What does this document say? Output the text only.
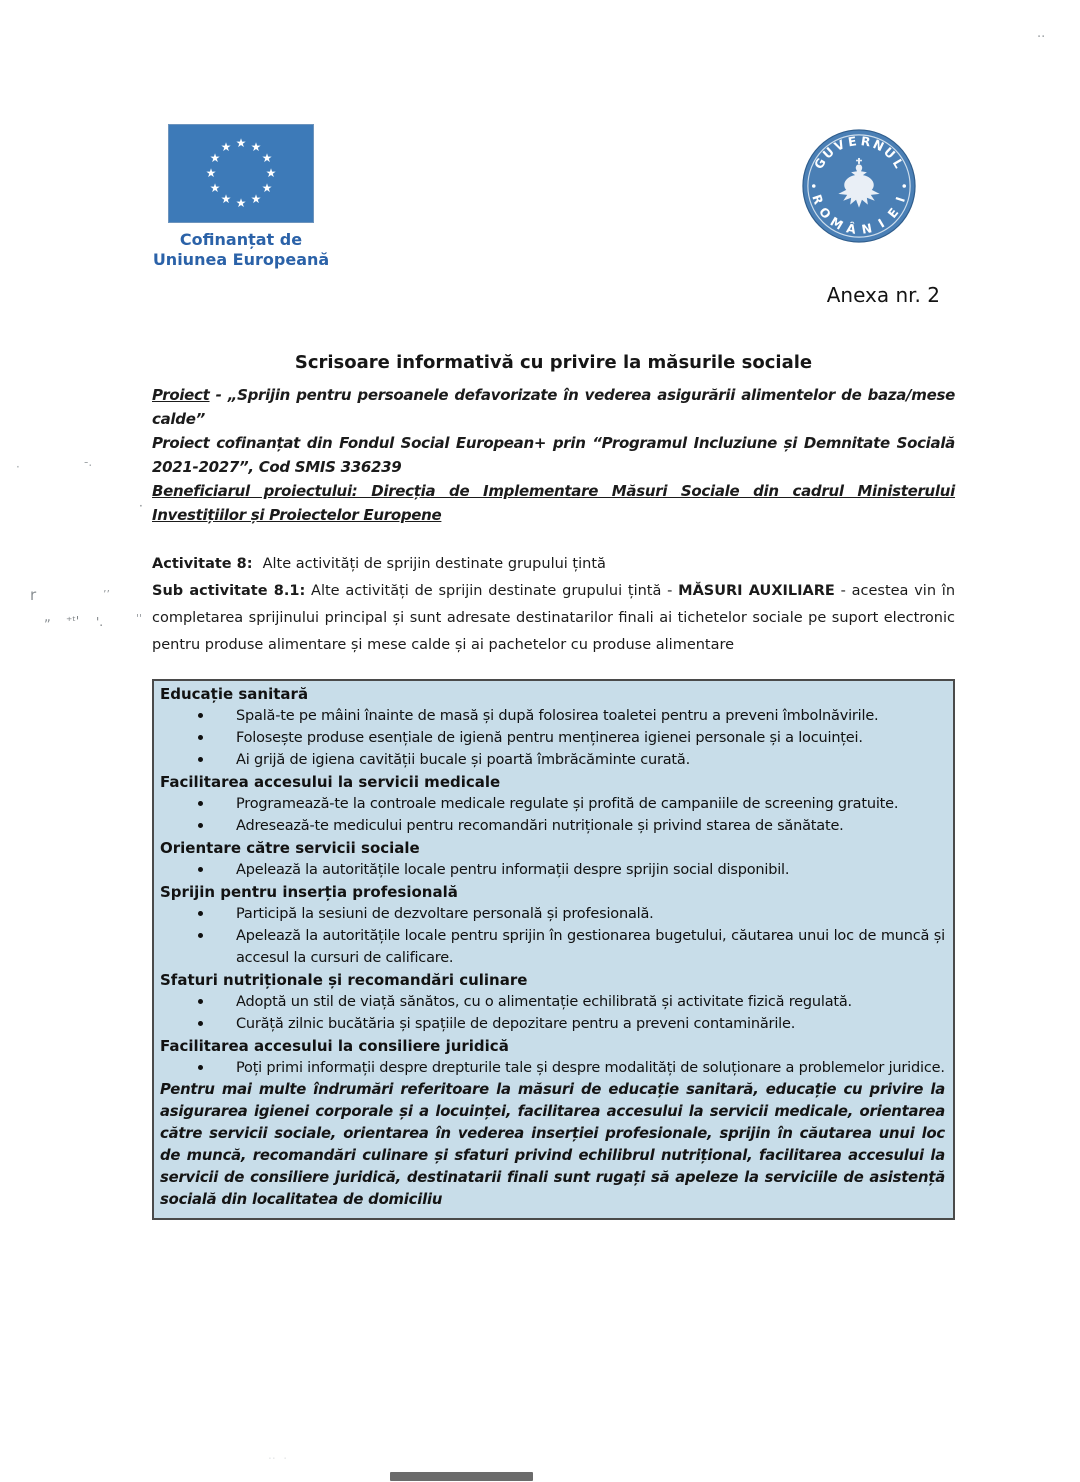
★ ★
★
★
★
★
★
★
★
★
★
★
Cofinanțat de
Uniunea Europeană
G
U
V E R N
U
L
R
O
M Â N I
E
I
Anexa nr. 2
Scrisoare informativă cu privire la măsurile sociale

Proiect - „Sprijin pentru persoanele defavorizate în vederea asigurării alimentelor de baza/mese calde”

Proiect cofinanțat din Fondul Social European+ prin “Programul Incluziune și Demnitate Socială 2021-2027”, Cod SMIS 336239

Beneficiarul proiectului: Direcția de Implementare Măsuri Sociale din cadrul Ministerului Investițiilor și Proiectelor Europene

Activitate 8: Alte activități de sprijin destinate grupului țintă

Sub activitate 8.1: Alte activități de sprijin destinate grupului țintă - MĂSURI AUXILIARE - acestea vin în completarea sprijinului principal și sunt adresate destinatarilor finali ai tichetelor sociale pe suport electronic pentru produse alimentare și mese calde și ai pachetelor cu produse alimentare

Educație sanitară
Spală-te pe mâini înainte de masă și după folosirea toaletei pentru a preveni îmbolnăvirile.
Folosește produse esențiale de igienă pentru menținerea igienei personale și a locuinței.
Ai grijă de igiena cavității bucale și poartă îmbrăcăminte curată.
Facilitarea accesului la servicii medicale
Programează-te la controale medicale regulate și profită de campaniile de screening gratuite.
Adresează-te medicului pentru recomandări nutriționale și privind starea de sănătate.
Orientare către servicii sociale
Apelează la autoritățile locale pentru informații despre sprijin social disponibil.
Sprijin pentru inserția profesională
Participă la sesiuni de dezvoltare personală și profesională.
Apelează la autoritățile locale pentru sprijin în gestionarea bugetului, căutarea unui loc de muncă și accesul la cursuri de calificare.
Sfaturi nutriționale și recomandări culinare
Adoptă un stil de viață sănătos, cu o alimentație echilibrată și activitate fizică regulată.
Curăță zilnic bucătăria și spațiile de depozitare pentru a preveni contaminările.
Facilitarea accesului la consiliere juridică
Poți primi informații despre drepturile tale și despre modalități de soluționare a problemelor juridice.

Pentru mai multe îndrumări referitoare la măsuri de educație sanitară, educație cu privire la asigurarea igienei corporale și a locuinței, facilitarea accesului la servicii medicale, orientarea către servicii sociale, orientarea în vederea inserției profesionale, sprijin în căutarea unui loc de muncă, recomandări culinare și sfaturi privind echilibrul nutrițional, facilitarea accesului la servicii de consiliere juridică, destinatarii finali sunt rugați să apeleze la serviciile de asistență socială din localitatea de domiciliu

..
·	-.
·
r	’’
„ ⁺ᵗ' '.	''
..  .
